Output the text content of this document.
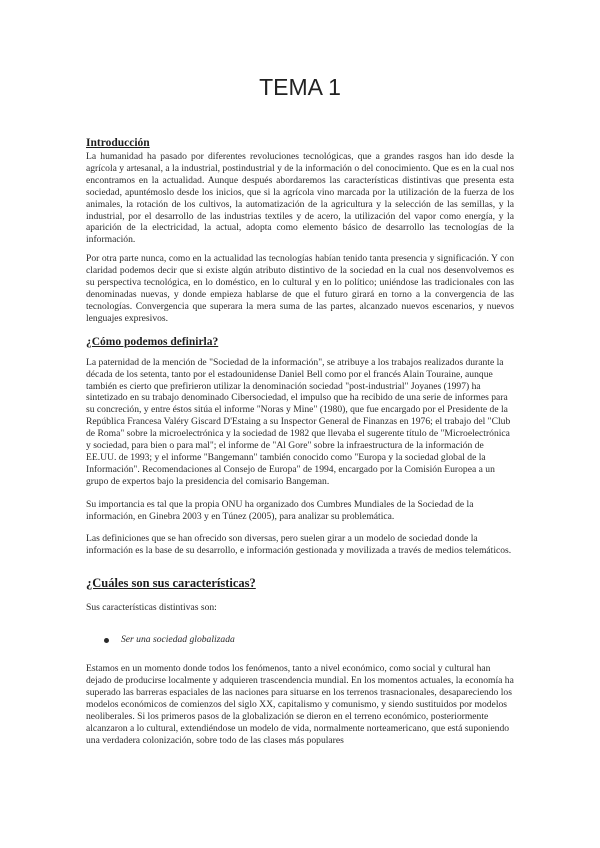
TEMA 1
Introducción

La humanidad ha pasado por diferentes revoluciones tecnológicas, que a grandes rasgos han ido desde la agrícola y artesanal, a la industrial, postindustrial y de la información o del conocimiento. Que es en la cual nos encontramos en la actualidad. Aunque después abordaremos las características distintivas que presenta esta sociedad, apuntémoslo desde los inicios, que si la agrícola vino marcada por la utilización de la fuerza de los animales, la rotación de los cultivos, la automatización de la agricultura y la selección de las semillas, y la industrial, por el desarrollo de las industrias textiles y de acero, la utilización del vapor como energía, y la aparición de la electricidad, la actual, adopta como elemento básico de desarrollo las tecnologías de la información.

Por otra parte nunca, como en la actualidad las tecnologías habían tenido tanta presencia y significación. Y con claridad podemos decir que si existe algún atributo distintivo de la sociedad en la cual nos desenvolvemos es su perspectiva tecnológica, en lo doméstico, en lo cultural y en lo político; uniéndose las tradicionales con las denominadas nuevas, y donde empieza hablarse de que el futuro girará en torno a la convergencia de las tecnologías. Convergencia que superara la mera suma de las partes, alcanzado nuevos escenarios, y nuevos lenguajes expresivos.

¿Cómo podemos definirla?

La paternidad de la mención de "Sociedad de la información", se atribuye a los trabajos realizados durante la década de los setenta, tanto por el estadounidense Daniel Bell como por el francés Alain Touraine, aunque también es cierto que prefirieron utilizar la denominación sociedad "post-industrial" Joyanes (1997) ha sintetizado en su trabajo denominado Cibersociedad, el impulso que ha recibido de una serie de informes para su concreción, y entre éstos sitúa el informe "Noras y Mine" (1980), que fue encargado por el Presidente de la República Francesa Valéry Giscard D'Estaing a su Inspector General de Finanzas en 1976; el trabajo del "Club de Roma" sobre la microelectrónica y la sociedad de 1982 que llevaba el sugerente título de "Microelectrónica y sociedad, para bien o para mal"; el informe de "Al Gore" sobre la infraestructura de la información de EE.UU. de 1993; y el informe "Bangemann" también conocido como "Europa y la sociedad global de la Información". Recomendaciones al Consejo de Europa" de 1994, encargado por la Comisión Europea a un grupo de expertos bajo la presidencia del comisario Bangeman.

Su importancia es tal que la propia ONU ha organizado dos Cumbres Mundiales de la Sociedad de la información, en Ginebra 2003 y en Túnez (2005), para analizar su problemática.

Las definiciones que se han ofrecido son diversas, pero suelen girar a un modelo de sociedad donde la información es la base de su desarrollo, e información gestionada y movilizada a través de medios telemáticos.

¿Cuáles son sus características?

Sus características distintivas son:

Ser una sociedad globalizada

Estamos en un momento donde todos los fenómenos, tanto a nivel económico, como social y cultural han dejado de producirse localmente y adquieren trascendencia mundial. En los momentos actuales, la economía ha superado las barreras espaciales de las naciones para situarse en los terrenos trasnacionales, desapareciendo los modelos económicos de comienzos del siglo XX, capitalismo y comunismo, y siendo sustituidos por modelos neoliberales. Si los primeros pasos de la globalización se dieron en el terreno económico, posteriormente alcanzaron a lo cultural, extendiéndose un modelo de vida, normalmente norteamericano, que está suponiendo una verdadera colonización, sobre todo de las clases más populares
